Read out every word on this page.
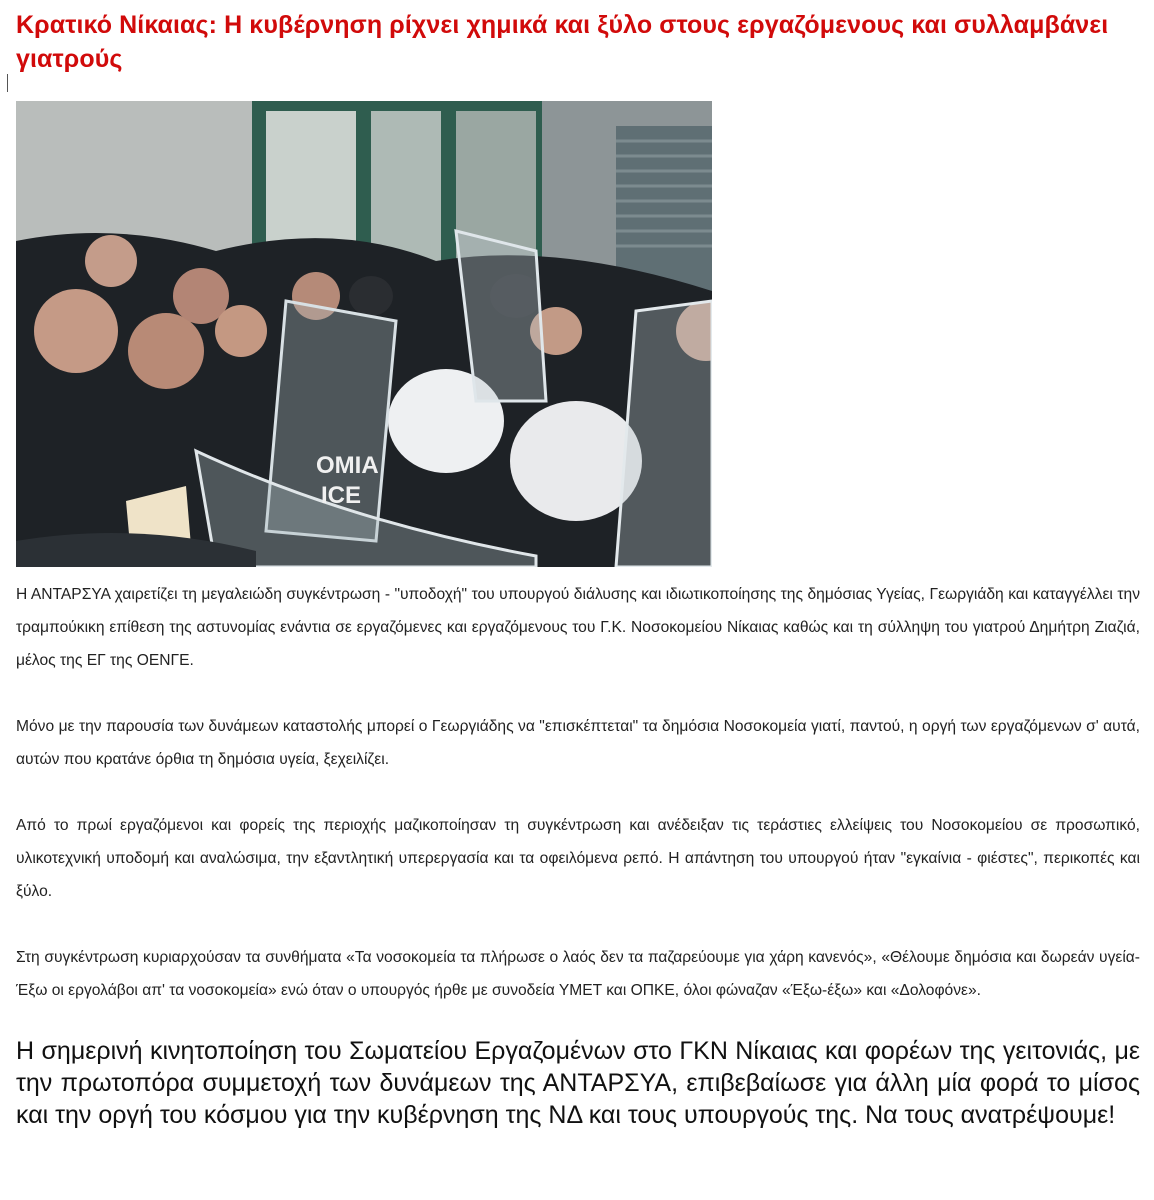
Κρατικό Νίκαιας: Η κυβέρνηση ρίχνει χημικά και ξύλο στους εργαζόμενους και συλλαμβάνει γιατρούς
ΟΜΙΑ
ICE

Η ΑΝΤΑΡΣΥΑ χαιρετίζει τη μεγαλειώδη συγκέντρωση - "υποδοχή" του υπουργού διάλυσης και ιδιωτικοποίησης της δημόσιας Υγείας, Γεωργιάδη και καταγγέλλει την τραμπούκικη επίθεση της αστυνομίας ενάντια σε εργαζόμενες και εργαζόμενους του Γ.Κ. Νοσοκομείου Νίκαιας καθώς και τη σύλληψη του γιατρού Δημήτρη Ζιαζιά, μέλος της ΕΓ της ΟΕΝΓΕ.

Μόνο με την παρουσία των δυνάμεων καταστολής μπορεί ο Γεωργιάδης να "επισκέπτεται" τα δημόσια Νοσοκομεία γιατί, παντού, η οργή των εργαζόμενων σ' αυτά, αυτών που κρατάνε όρθια τη δημόσια υγεία, ξεχειλίζει.

Από το πρωί εργαζόμενοι και φορείς της περιοχής μαζικοποίησαν τη συγκέντρωση και ανέδειξαν τις τεράστιες ελλείψεις του Νοσοκομείου σε προσωπικό, υλικοτεχνική υποδομή και αναλώσιμα, την εξαντλητική υπερεργασία και τα οφειλόμενα ρεπό. Η απάντηση του υπουργού ήταν "εγκαίνια - φιέστες", περικοπές και ξύλο.

Στη συγκέντρωση κυριαρχούσαν τα συνθήματα «Τα νοσοκομεία τα πλήρωσε ο λαός δεν τα παζαρεύουμε για χάρη κανενός», «Θέλουμε δημόσια και δωρεάν υγεία- Έξω οι εργολάβοι απ' τα νοσοκομεία» ενώ όταν ο υπουργός ήρθε με συνοδεία ΥΜΕΤ και ΟΠΚΕ, όλοι φώναζαν «Έξω-έξω» και «Δολοφόνε».

Η σημερινή κινητοποίηση του Σωματείου Εργαζομένων στο ΓΚΝ Νίκαιας και φορέων της γειτονιάς, με την πρωτοπόρα συμμετοχή των δυνάμεων της ΑΝΤΑΡΣΥΑ, επιβεβαίωσε για άλλη μία φορά το μίσος και την οργή του κόσμου για την κυβέρνηση της ΝΔ και τους υπουργούς της. Να τους ανατρέψουμε!
